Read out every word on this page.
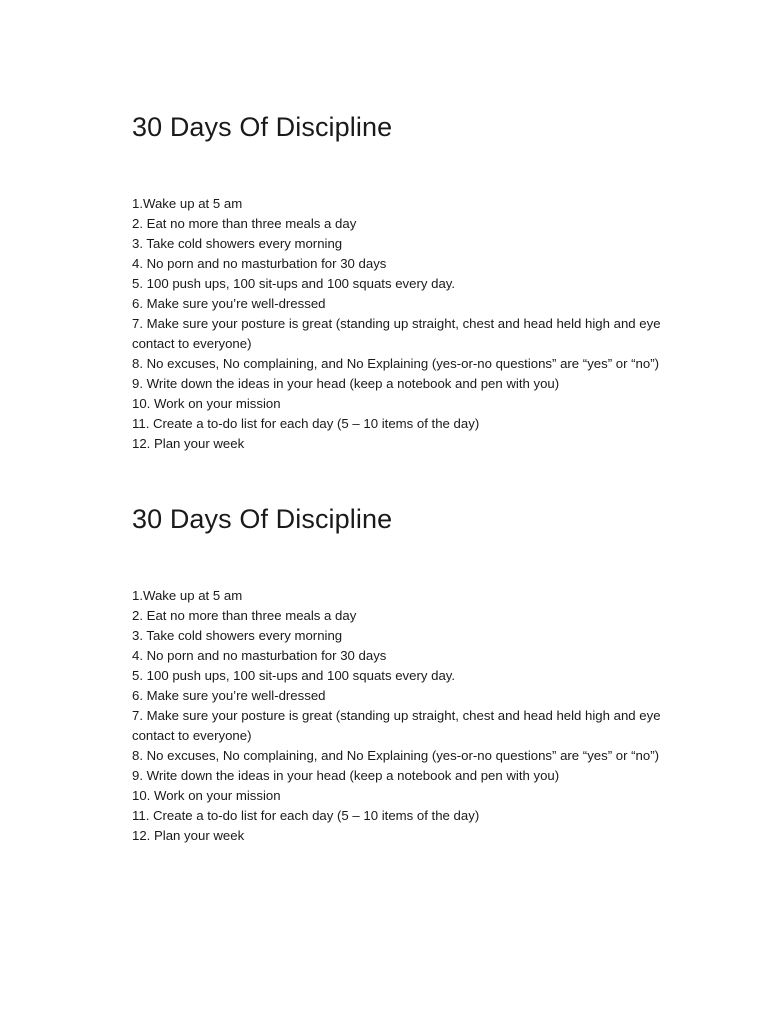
30 Days Of Discipline
1.Wake up at 5 am
2. Eat no more than three meals a day
3. Take cold showers every morning
4. No porn and no masturbation for 30 days
5. 100 push ups, 100 sit-ups and 100 squats every day.
6. Make sure you’re well-dressed
7. Make sure your posture is great (standing up straight, chest and head held high and eye contact to everyone)
8. No excuses, No complaining, and No Explaining (yes-or-no questions” are “yes” or “no”)
9. Write down the ideas in your head (keep a notebook and pen with you)
10. Work on your mission
11. Create a to-do list for each day (5 – 10 items of the day)
12. Plan your week
30 Days Of Discipline
1.Wake up at 5 am
2. Eat no more than three meals a day
3. Take cold showers every morning
4. No porn and no masturbation for 30 days
5. 100 push ups, 100 sit-ups and 100 squats every day.
6. Make sure you’re well-dressed
7. Make sure your posture is great (standing up straight, chest and head held high and eye contact to everyone)
8. No excuses, No complaining, and No Explaining (yes-or-no questions” are “yes” or “no”)
9. Write down the ideas in your head (keep a notebook and pen with you)
10. Work on your mission
11. Create a to-do list for each day (5 – 10 items of the day)
12. Plan your week
